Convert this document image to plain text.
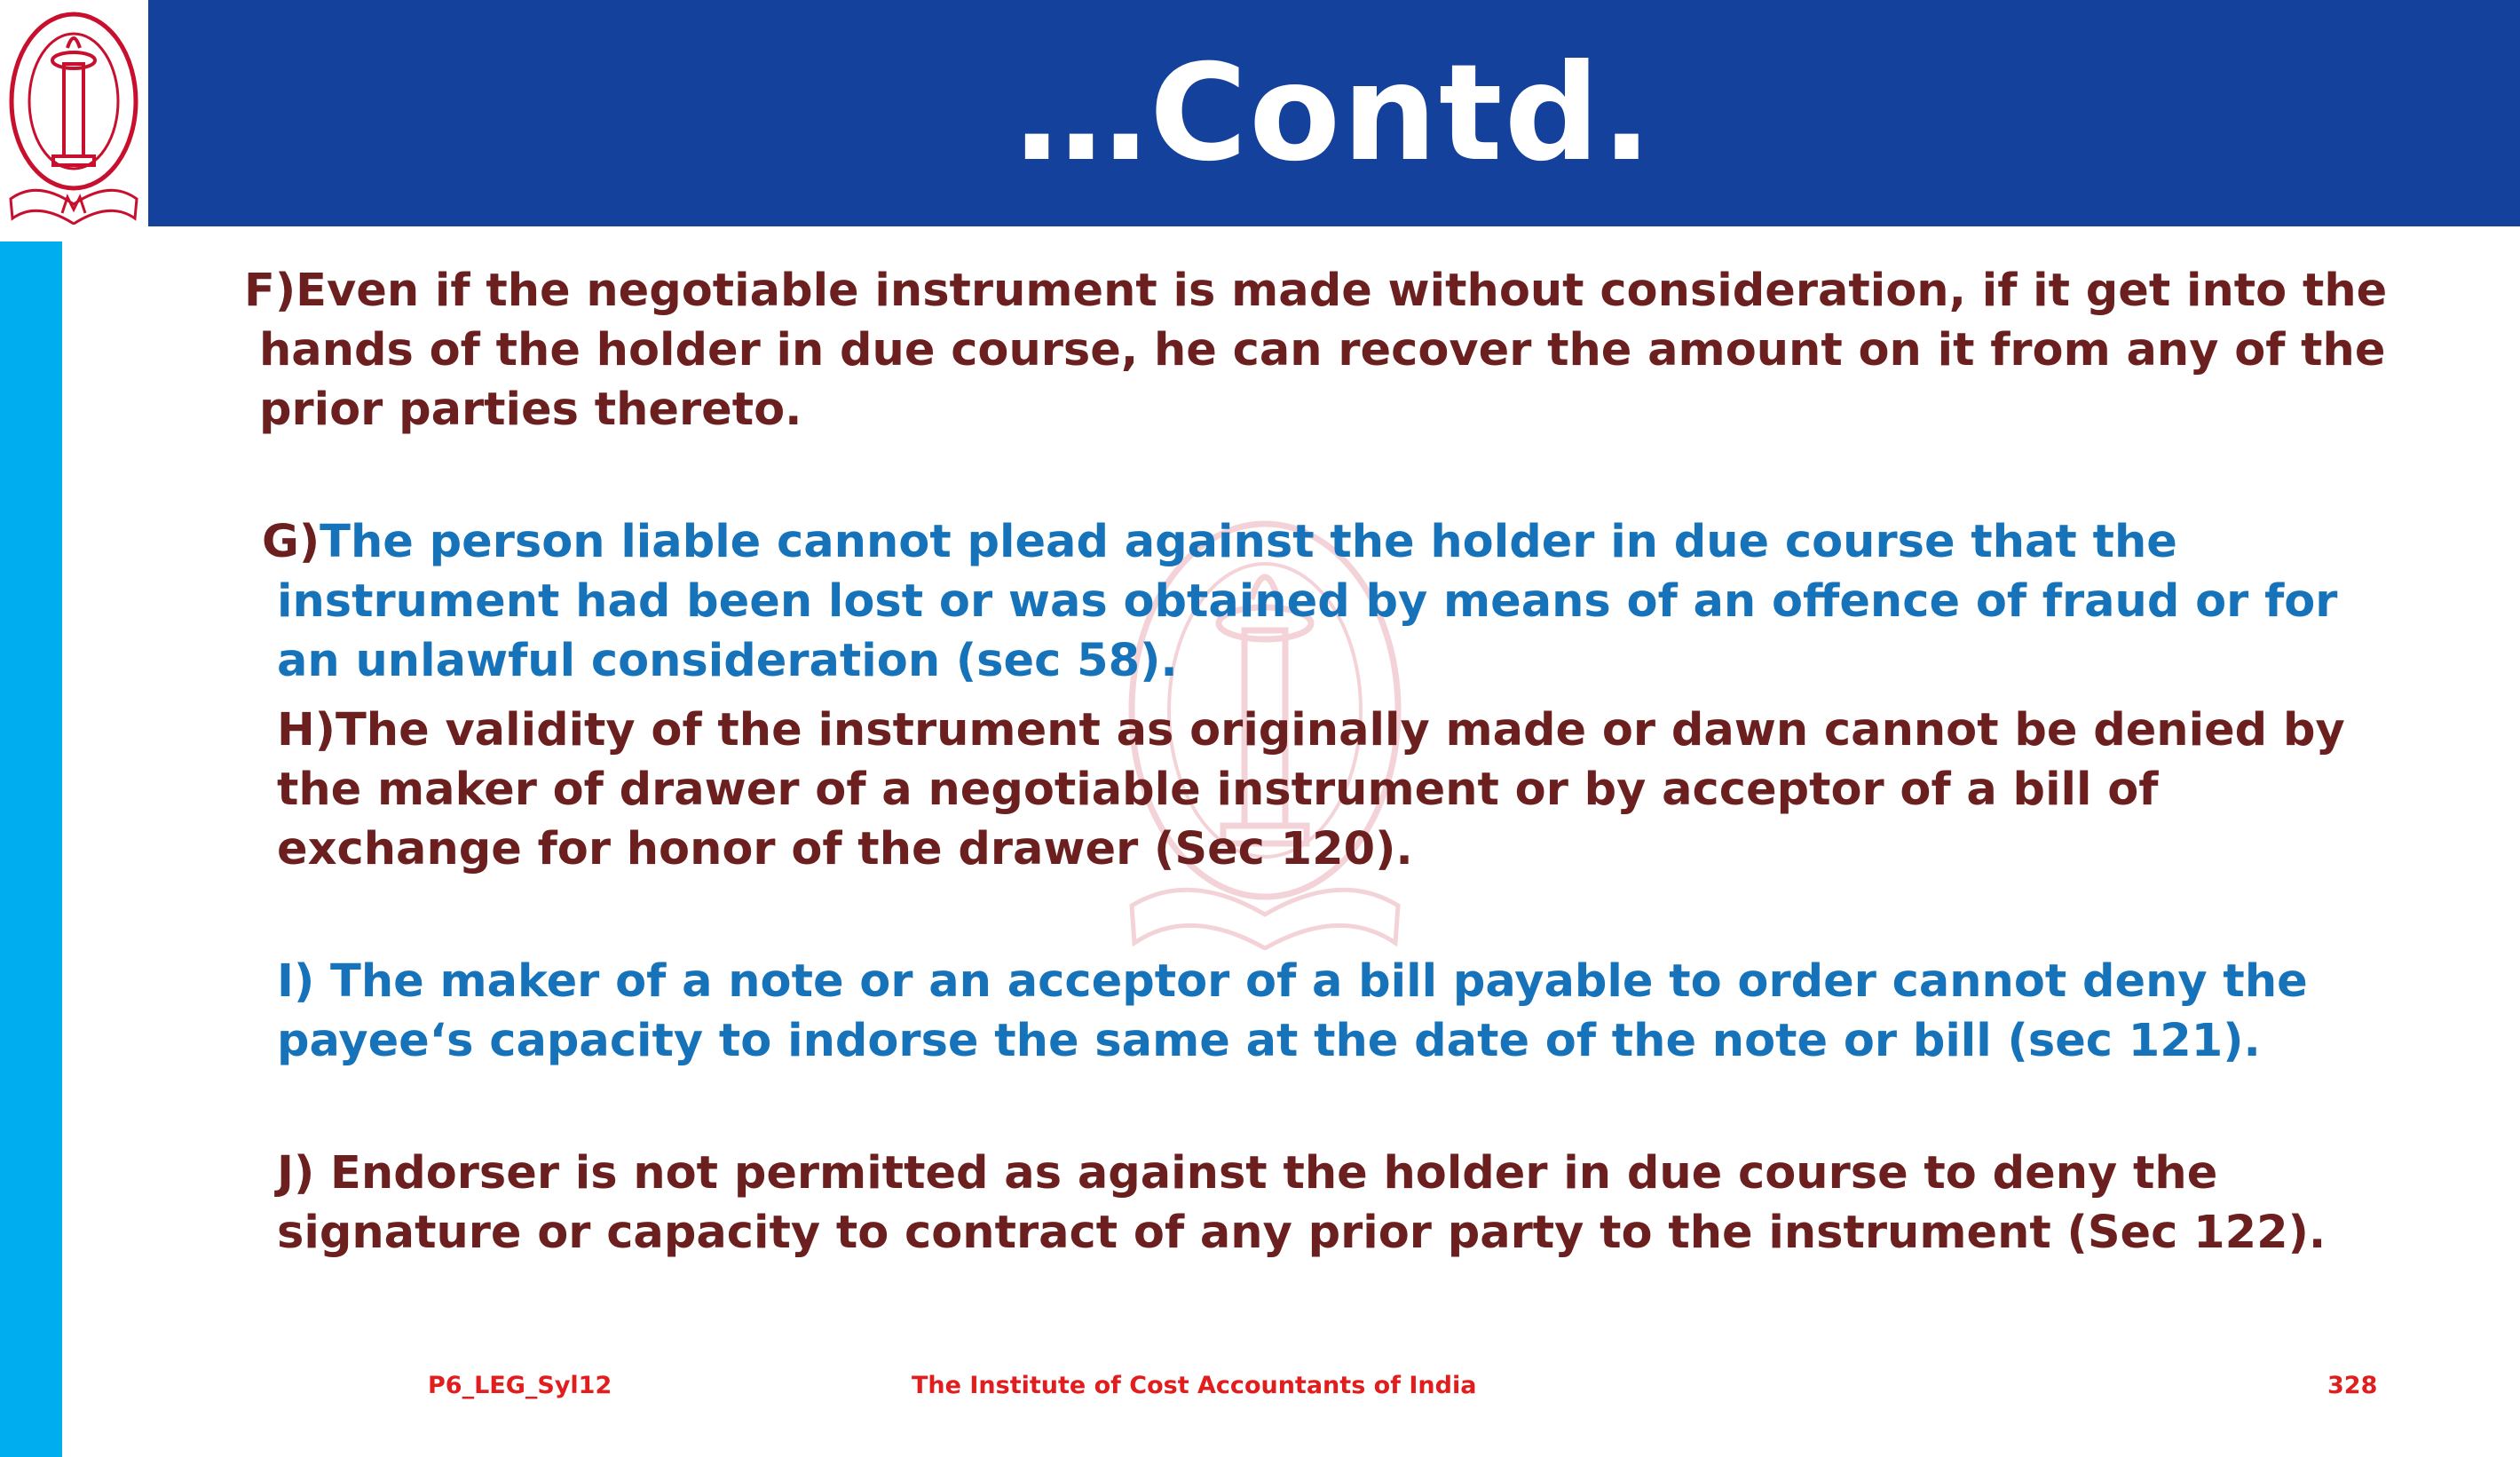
…Contd.

F)Even if the negotiable instrument is made without consideration, if it get into the hands of the holder in due course, he can recover the amount on it from any of the prior parties thereto.

G)The person liable cannot plead against the holder in due course that the instrument had been lost or was obtained by means of an offence of fraud or for an unlawful consideration (sec 58).

H)The validity of the instrument as originally made or dawn cannot be denied by the maker of drawer of a negotiable instrument or by acceptor of a bill of exchange for honor of the drawer (Sec 120).

I) The maker of a note or an acceptor of a bill payable to order cannot deny the payee‘s capacity to indorse the same at the date of the note or bill (sec 121).

J) Endorser is not permitted as against the holder in due course to deny the signature or capacity to contract of any prior party to the instrument (Sec 122).

P6_LEG_Syl12	The Institute of Cost Accountants of India	328
